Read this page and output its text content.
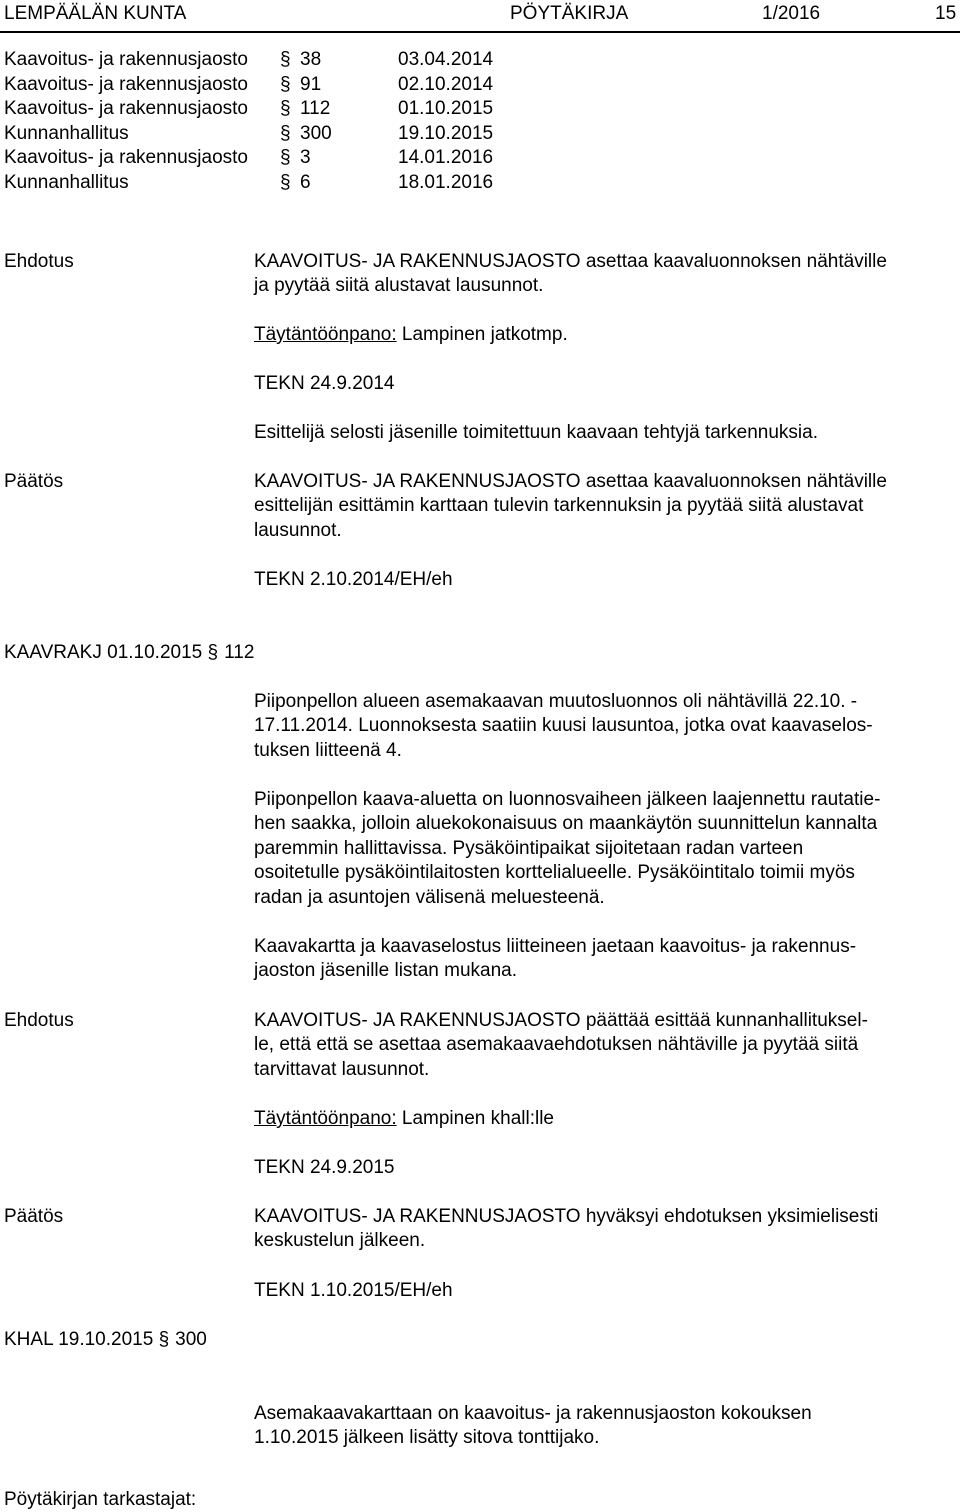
LEMPÄÄLÄN KUNTA	PÖYTÄKIRJA	1/2016	15
Kaavoitus- ja rakennusjaosto § 38	03.04.2014
Kaavoitus- ja rakennusjaosto § 91	02.10.2014
Kaavoitus- ja rakennusjaosto § 112	01.10.2015
Kunnanhallitus	§ 300	19.10.2015
Kaavoitus- ja rakennusjaosto § 3	14.01.2016
Kunnanhallitus	§ 6	18.01.2016
Ehdotus	KAAVOITUS- JA RAKENNUSJAOSTO asettaa kaavaluonnoksen nähtäville ja pyytää siitä alustavat lausunnot.
Täytäntöönpano: Lampinen jatkotmp.
TEKN 24.9.2014
Esittelijä selosti jäsenille toimitettuun kaavaan tehtyjä tarkennuksia.
Päätös	KAAVOITUS- JA RAKENNUSJAOSTO asettaa kaavaluonnoksen nähtäville esittelijän esittämin karttaan tulevin tarkennuksin ja pyytää siitä alustavat lausunnot.
TEKN 2.10.2014/EH/eh
KAAVRAKJ 01.10.2015 § 112

Piiponpellon alueen asemakaavan muutosluonnos oli nähtävillä 22.10. -

17.11.2014. Luonnoksesta saatiin kuusi lausuntoa, jotka ovat kaavaselos-

tuksen liitteenä 4.

Piiponpellon kaava-aluetta on luonnosvaiheen jälkeen laajennettu rautatie-

hen saakka, jolloin aluekokonaisuus on maankäytön suunnittelun kannalta

paremmin hallittavissa. Pysäköintipaikat sijoitetaan radan varteen

osoitetulle pysäköintilaitosten korttelialueelle. Pysäköintitalo toimii myös

radan ja asuntojen välisenä meluesteenä.

Kaavakartta ja kaavaselostus liitteineen jaetaan kaavoitus- ja rakennus-

jaoston jäsenille listan mukana.

Ehdotus	KAAVOITUS- JA RAKENNUSJAOSTO päättää esittää kunnanhallituksel-

le, että että se asettaa asemakaavaehdotuksen nähtäville ja pyytää siitä

tarvittavat lausunnot.

Täytäntöönpano: Lampinen khall:lle
TEKN 24.9.2015
Päätös	KAAVOITUS- JA RAKENNUSJAOSTO hyväksyi ehdotuksen yksimielisesti

keskustelun jälkeen.

TEKN 1.10.2015/EH/eh
KHAL 19.10.2015 § 300

Asemakaavakarttaan on kaavoitus- ja rakennusjaoston kokouksen

1.10.2015 jälkeen lisätty sitova tonttijako.

Pöytäkirjan tarkastajat:
